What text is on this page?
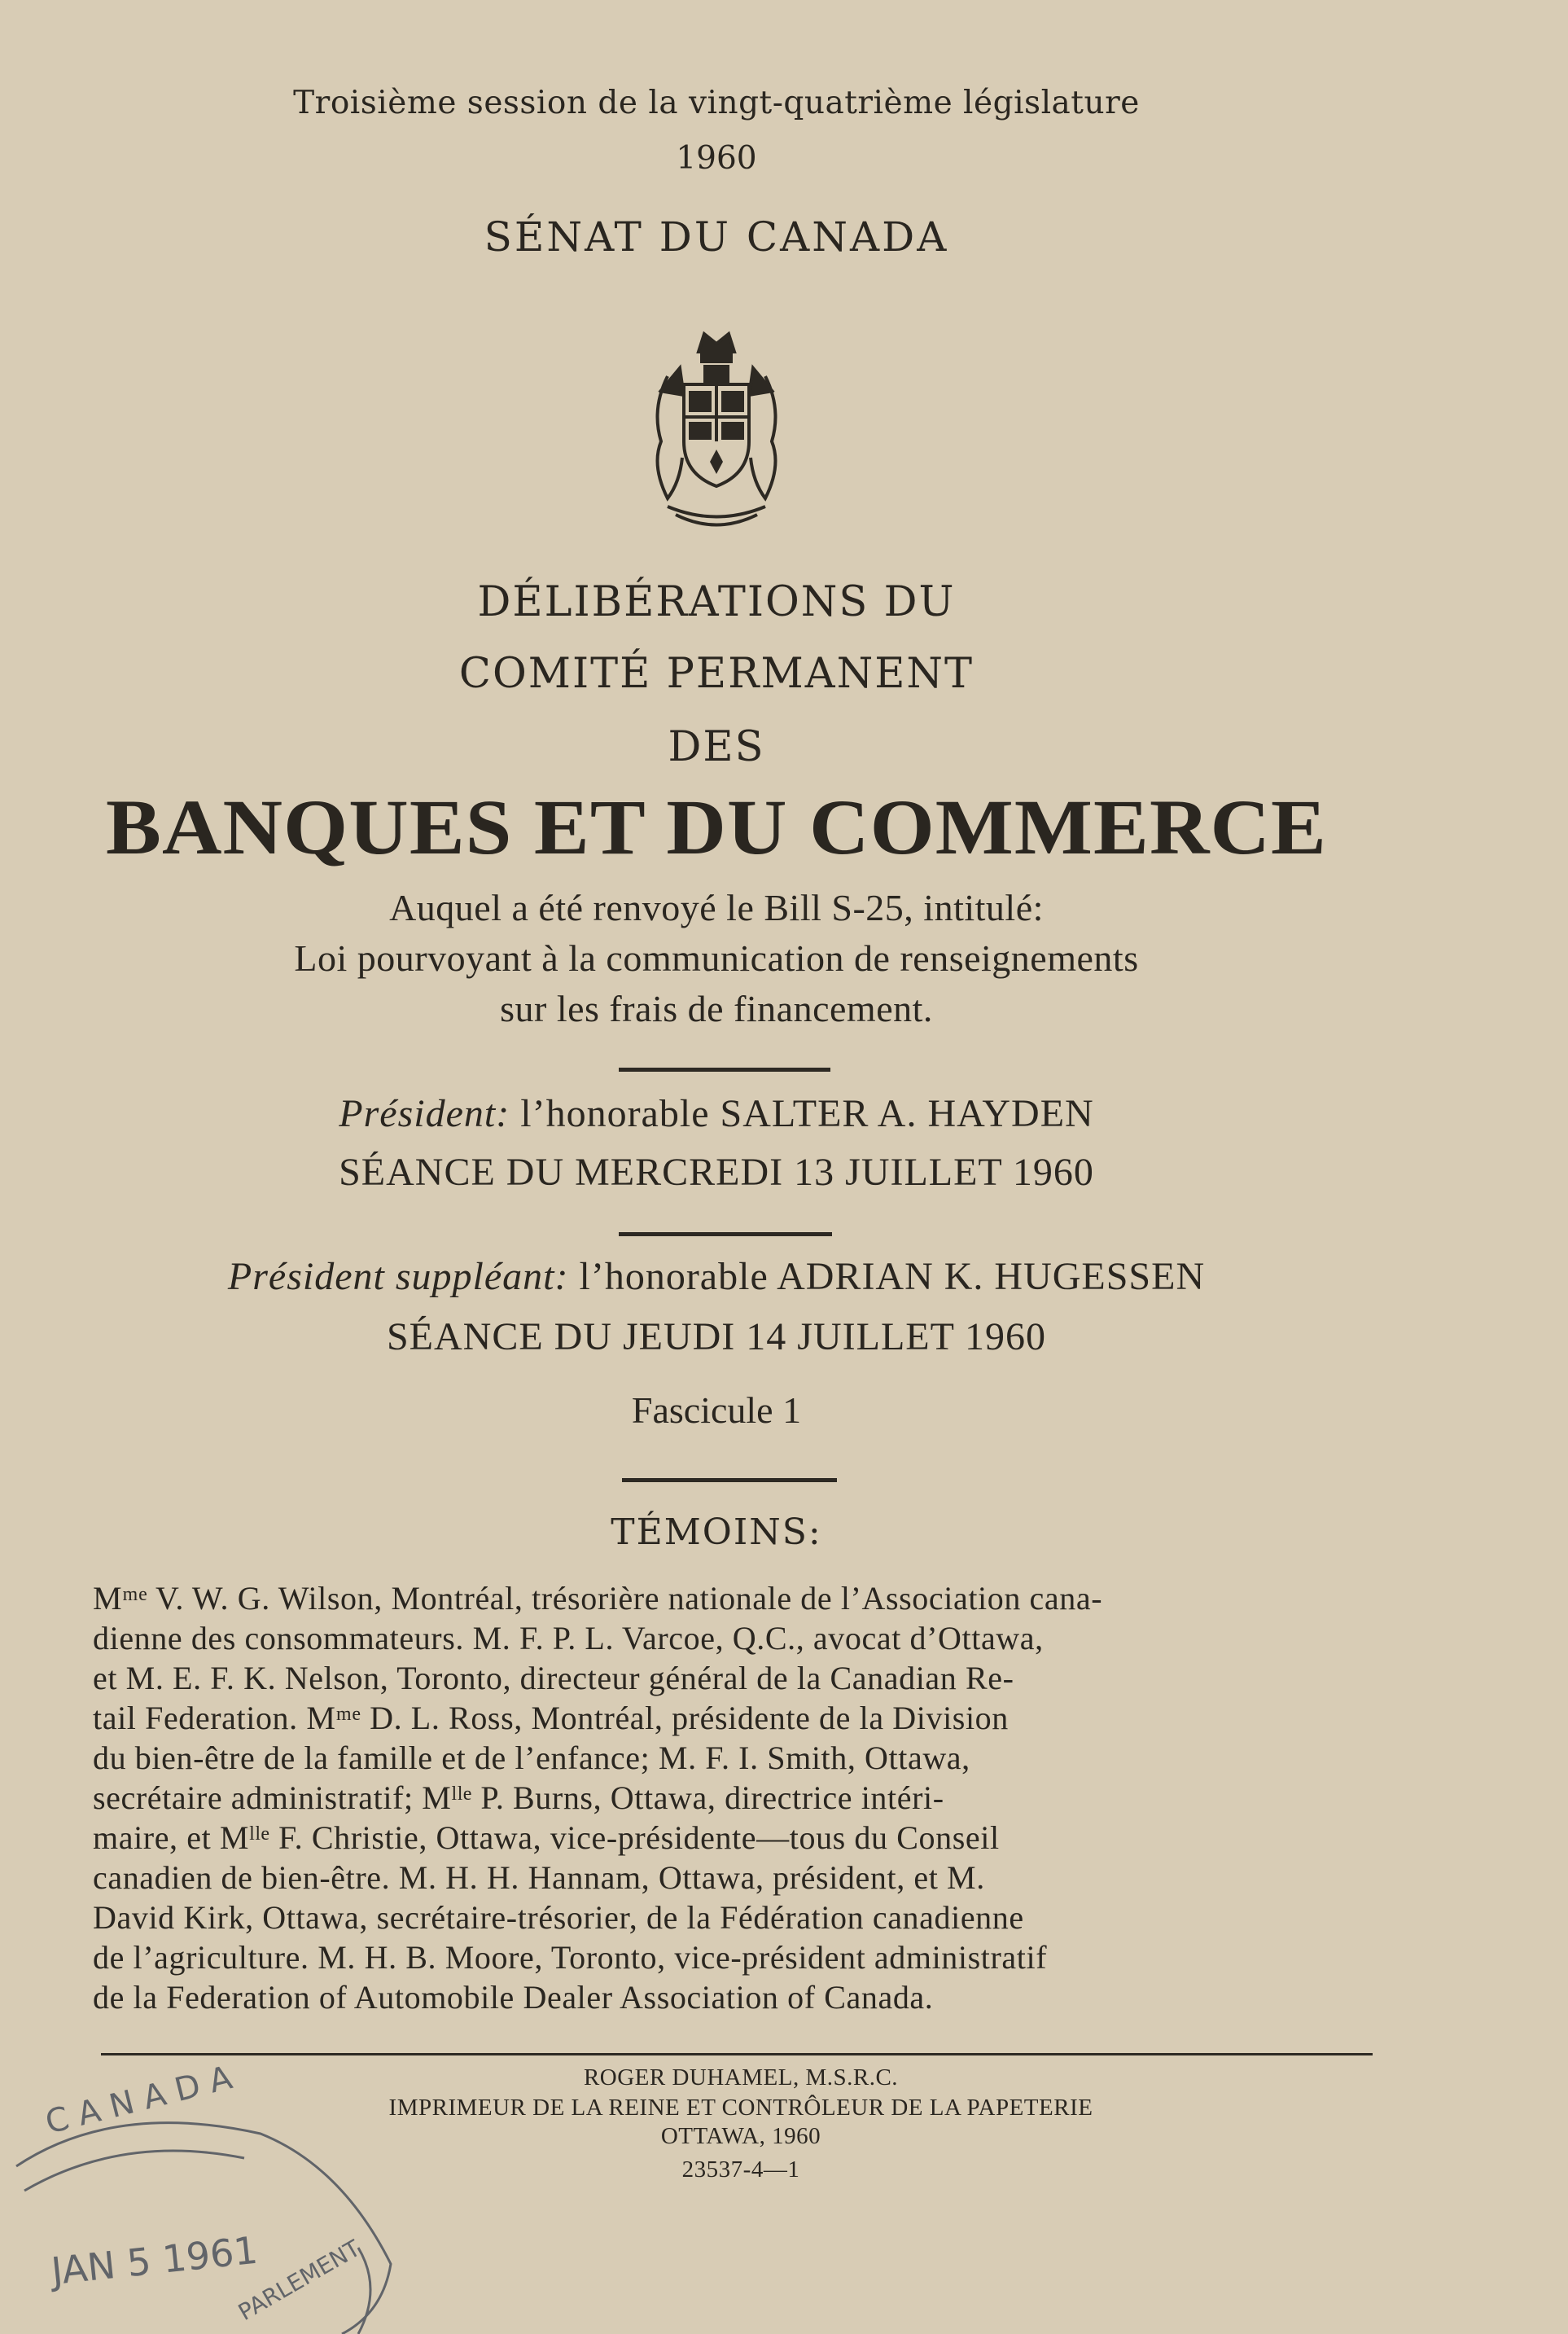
Troisième session de la vingt-quatrième législature
1960
SÉNAT DU CANADA
DÉLIBÉRATIONS DU
COMITÉ PERMANENT
DES
BANQUES ET DU COMMERCE
Auquel a été renvoyé le Bill S-25, intitulé:
Loi pourvoyant à la communication de renseignements
sur les frais de financement.
Président: l’honorable SALTER A. HAYDEN
SÉANCE DU MERCREDI 13 JUILLET 1960
Président suppléant: l’honorable ADRIAN K. HUGESSEN
SÉANCE DU JEUDI 14 JUILLET 1960
Fascicule 1
TÉMOINS:
Mᵐᵉ V. W. G. Wilson, Montréal, trésorière nationale de l’Association cana-
dienne des consommateurs. M. F. P. L. Varcoe, Q.C., avocat d’Ottawa,
et M. E. F. K. Nelson, Toronto, directeur général de la Canadian Re-
tail Federation. Mᵐᵉ D. L. Ross, Montréal, présidente de la Division
du bien-être de la famille et de l’enfance; M. F. I. Smith, Ottawa,
secrétaire administratif; Mˡˡᵉ P. Burns, Ottawa, directrice intéri-
maire, et Mˡˡᵉ F. Christie, Ottawa, vice-présidente—tous du Conseil
canadien de bien-être. M. H. H. Hannam, Ottawa, président, et M.
David Kirk, Ottawa, secrétaire-trésorier, de la Fédération canadienne
de l’agriculture. M. H. B. Moore, Toronto, vice-président administratif
de la Federation of Automobile Dealer Association of Canada.
ROGER DUHAMEL, M.S.R.C.
IMPRIMEUR DE LA REINE ET CONTRÔLEUR DE LA PAPETERIE
OTTAWA, 1960
23537-4—1
C A N A D A
JAN 5 1961
PARLEMENT
